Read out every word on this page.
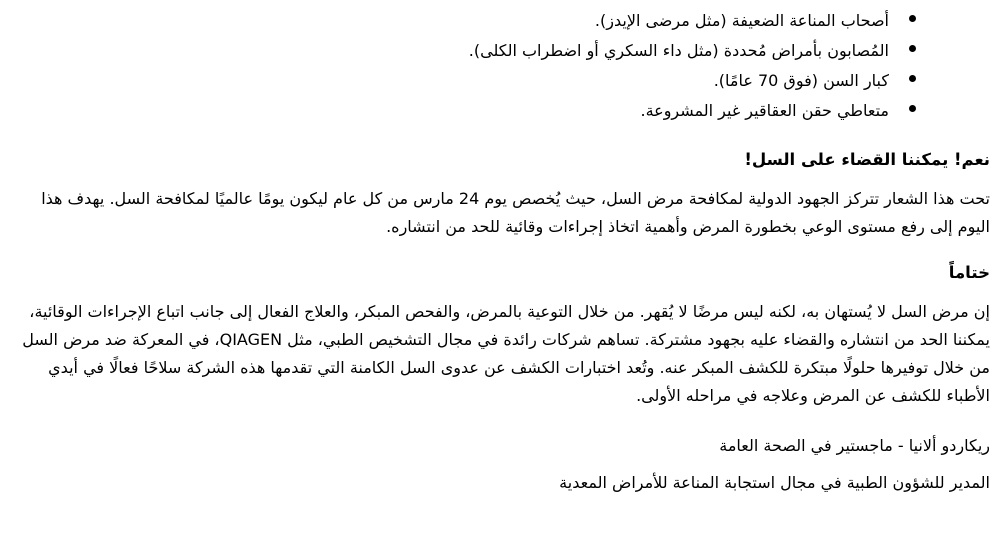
أصحاب المناعة الضعيفة (مثل مرضى الإيدز).
المُصابون بأمراض مُحددة (مثل داء السكري أو اضطراب الكلى).
كبار السن (فوق 70 عامًا).
متعاطي حقن العقاقير غير المشروعة.
نعم! يمكننا القضاء على السل!

تحت هذا الشعار تتركز الجهود الدولية لمكافحة مرض السل، حيث يُخصص يوم 24 مارس من كل عام ليكون يومًا عالميًا لمكافحة السل. يهدف هذا اليوم إلى رفع مستوى الوعي بخطورة المرض وأهمية اتخاذ إجراءات وقائية للحد من انتشاره.

ختاماً

إن مرض السل لا يُستهان به، لكنه ليس مرضًا لا يُقهر. من خلال التوعية بالمرض، والفحص المبكر، والعلاج الفعال إلى جانب اتباع الإجراءات الوقائية، يمكننا الحد من انتشاره والقضاء عليه بجهود مشتركة. تساهم شركات رائدة في مجال التشخيص الطبي، مثل QIAGEN، في المعركة ضد مرض السل من خلال توفيرها حلولًا مبتكرة للكشف المبكر عنه. وتُعد اختبارات الكشف عن عدوى السل الكامنة التي تقدمها هذه الشركة سلاحًا فعالًا في أيدي الأطباء للكشف عن المرض وعلاجه في مراحله الأولى.

ريكاردو ألانيا - ماجستير في الصحة العامة
المدير للشؤون الطبية في مجال استجابة المناعة للأمراض المعدية
